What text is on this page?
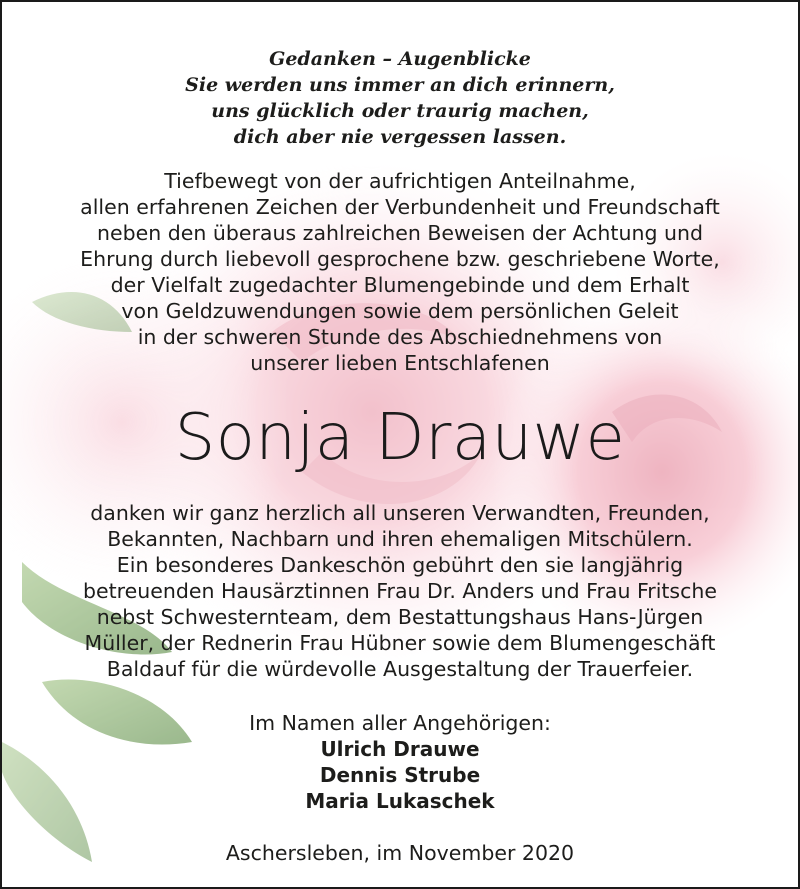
Gedanken – Augenblicke
Sie werden uns immer an dich erinnern,
uns glücklich oder traurig machen,
dich aber nie vergessen lassen.
Tiefbewegt von der aufrichtigen Anteilnahme,
allen erfahrenen Zeichen der Verbundenheit und Freundschaft
neben den überaus zahlreichen Beweisen der Achtung und
Ehrung durch liebevoll gesprochene bzw. geschriebene Worte,
der Vielfalt zugedachter Blumengebinde und dem Erhalt
von Geldzuwendungen sowie dem persönlichen Geleit
in der schweren Stunde des Abschiednehmens von
unserer lieben Entschlafenen
Sonja Drauwe
danken wir ganz herzlich all unseren Verwandten, Freunden,
Bekannten, Nachbarn und ihren ehemaligen Mitschülern.
Ein besonderes Dankeschön gebührt den sie langjährig
betreuenden Hausärztinnen Frau Dr. Anders und Frau Fritsche
nebst Schwesternteam, dem Bestattungshaus Hans-Jürgen
Müller, der Rednerin Frau Hübner sowie dem Blumengeschäft
Baldauf für die würdevolle Ausgestaltung der Trauerfeier.
Im Namen aller Angehörigen:
Ulrich Drauwe
Dennis Strube
Maria Lukaschek
Aschersleben, im November 2020
